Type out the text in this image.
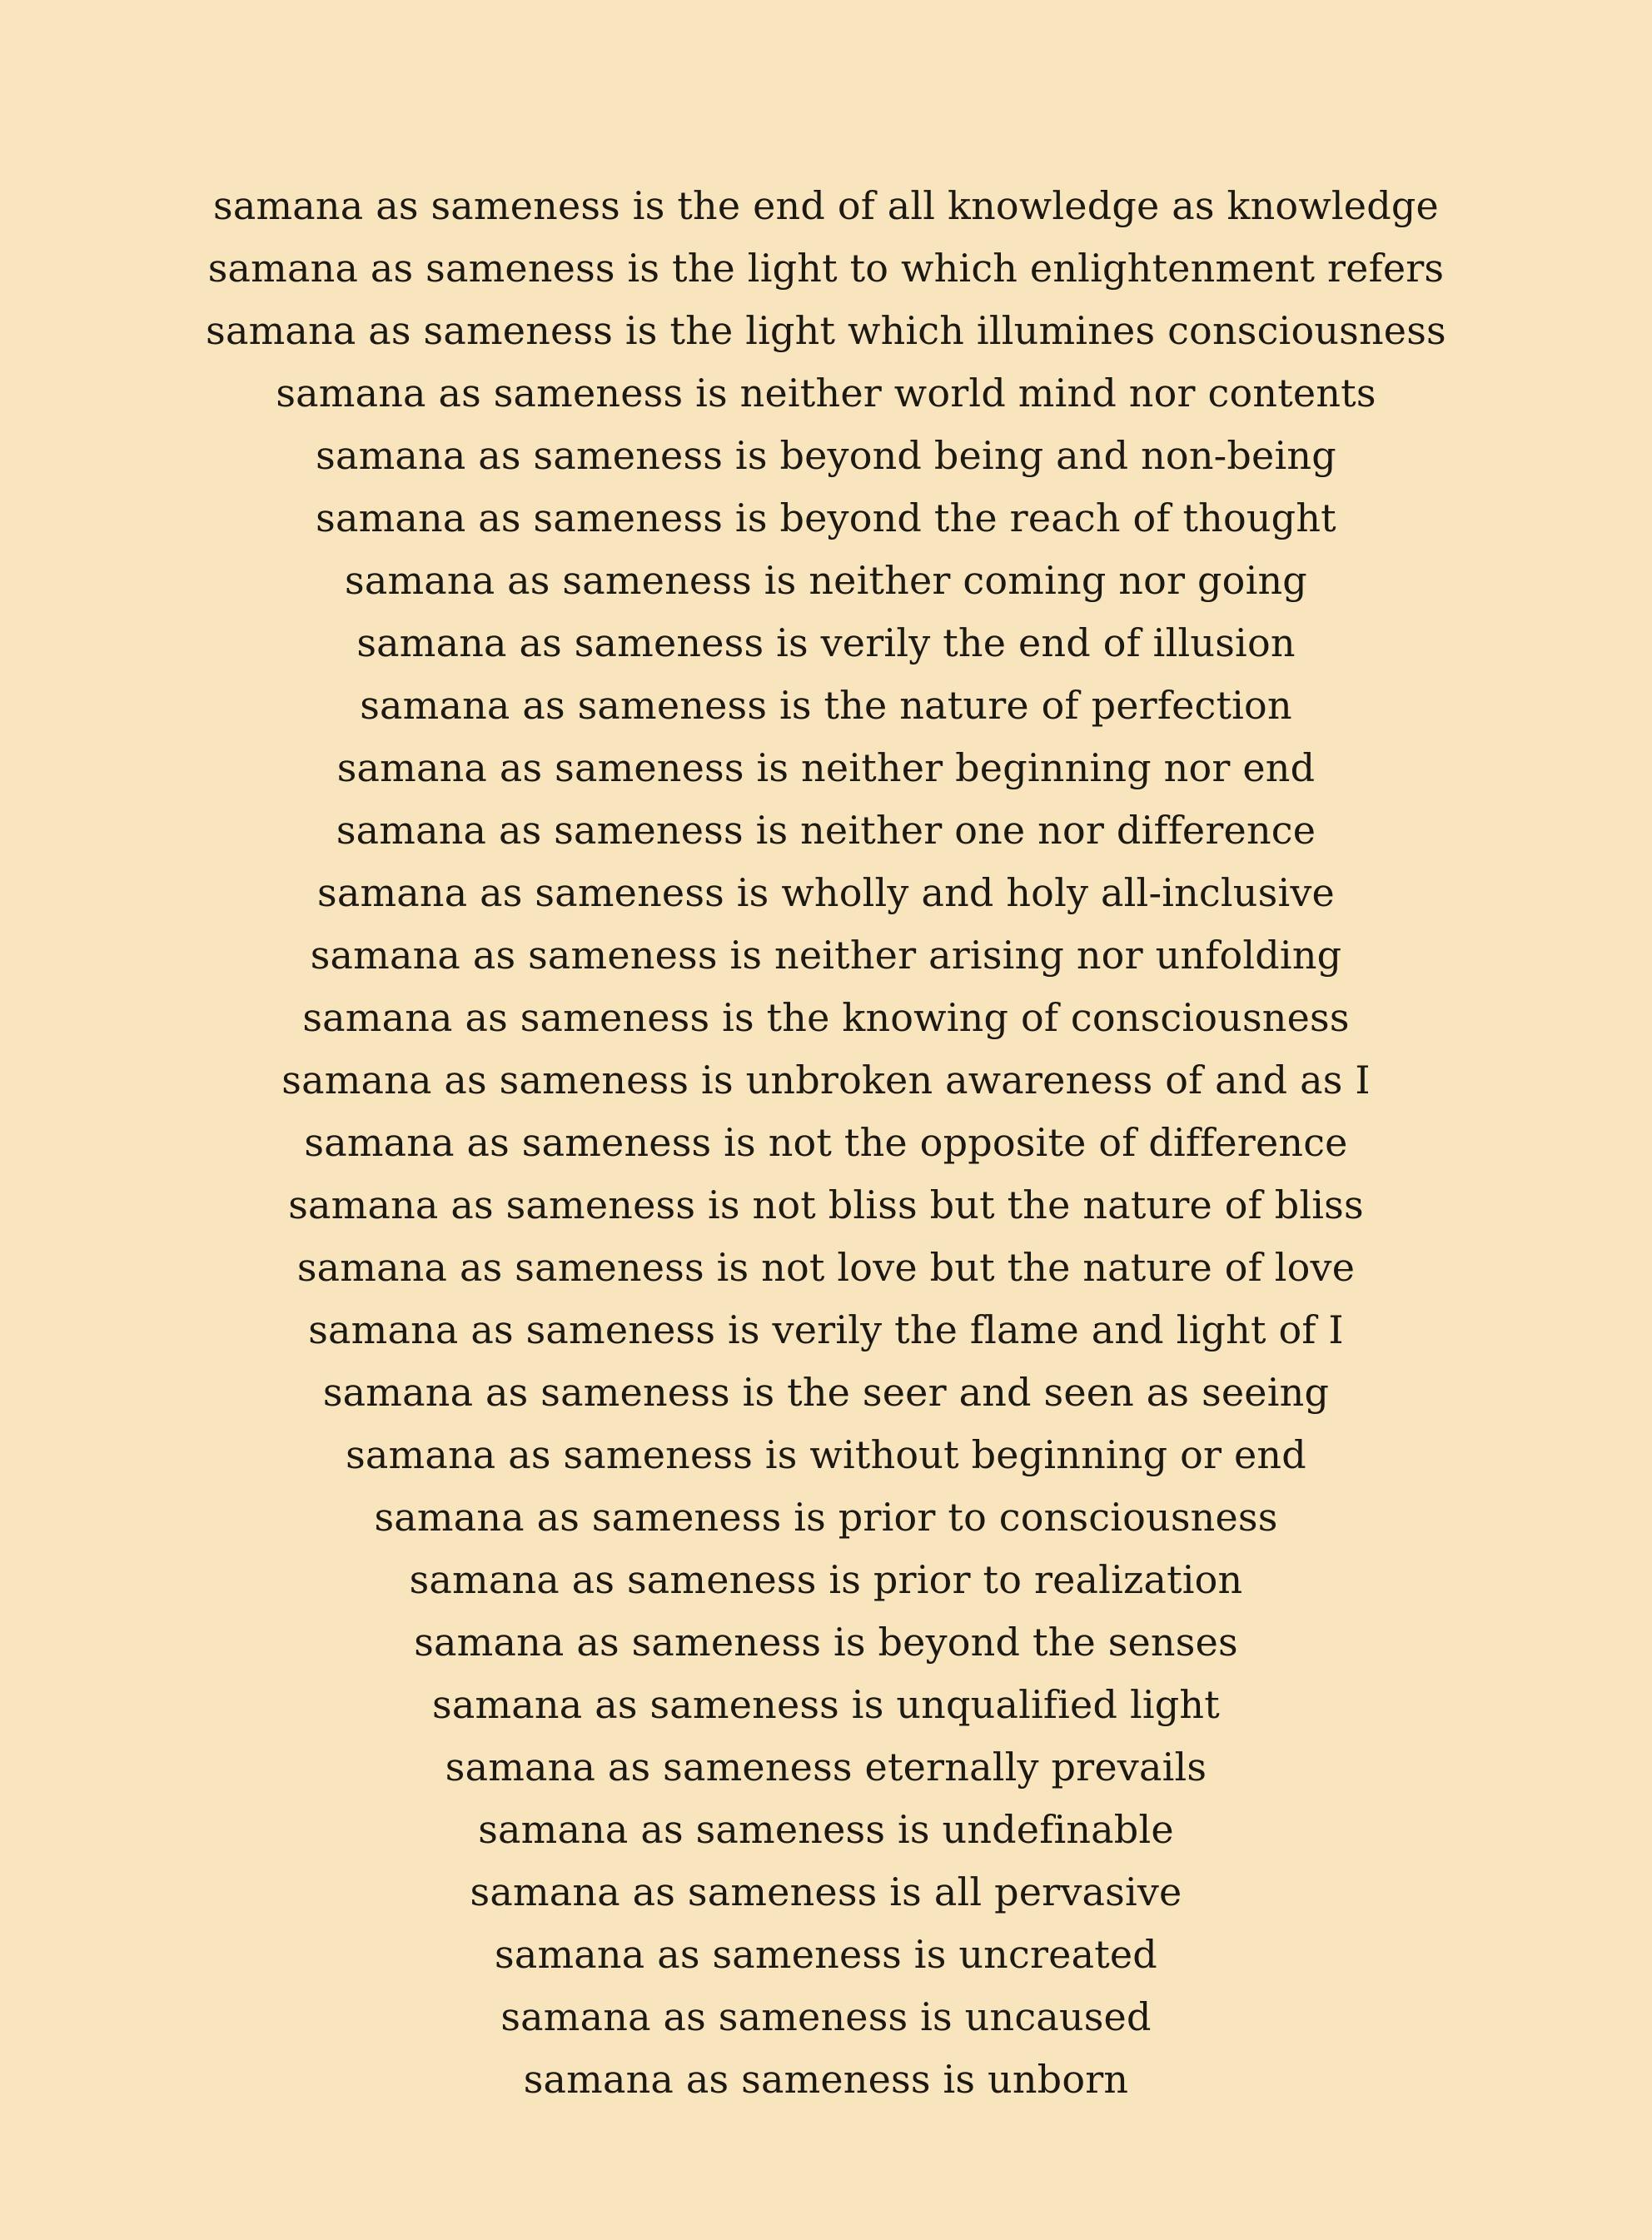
samana as sameness is the end of all knowledge as knowledge
samana as sameness is the light to which enlightenment refers
samana as sameness is the light which illumines consciousness
samana as sameness is neither world mind nor contents
samana as sameness is beyond being and non-being
samana as sameness is beyond the reach of thought
samana as sameness is neither coming nor going
samana as sameness is verily the end of illusion
samana as sameness is the nature of perfection
samana as sameness is neither beginning nor end
samana as sameness is neither one nor difference
samana as sameness is wholly and holy all-inclusive
samana as sameness is neither arising nor unfolding
samana as sameness is the knowing of consciousness
samana as sameness is unbroken awareness of and as I
samana as sameness is not the opposite of difference
samana as sameness is not bliss but the nature of bliss
samana as sameness is not love but the nature of love
samana as sameness is verily the flame and light of I
samana as sameness is the seer and seen as seeing
samana as sameness is without beginning or end
samana as sameness is prior to consciousness
samana as sameness is prior to realization
samana as sameness is beyond the senses
samana as sameness is unqualified light
samana as sameness eternally prevails
samana as sameness is undefinable
samana as sameness is all pervasive
samana as sameness is uncreated
samana as sameness is uncaused
samana as sameness is unborn
